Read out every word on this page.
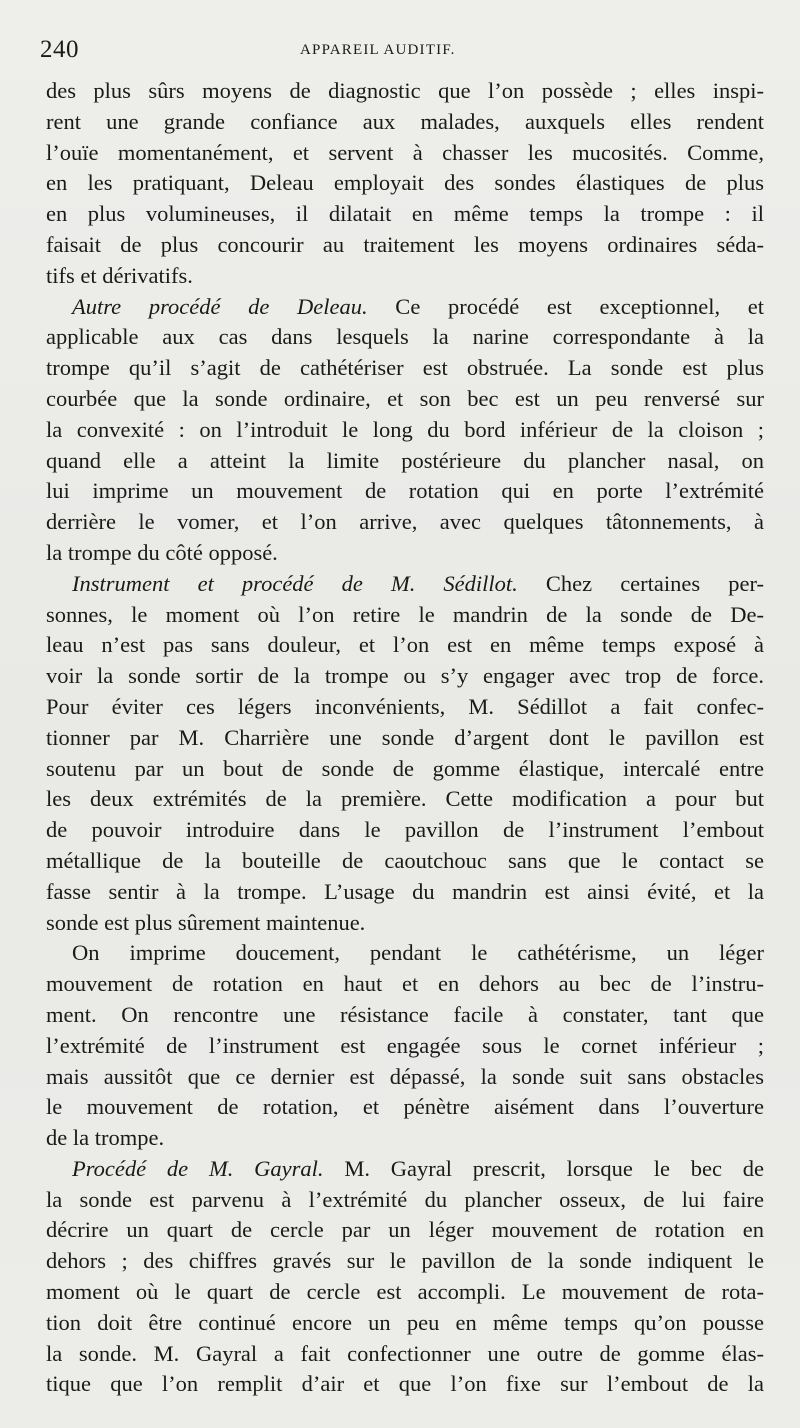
240	APPAREIL AUDITIF.
des plus sûrs moyens de diagnostic que l’on possède ; elles inspi-
rent une grande confiance aux malades, auxquels elles rendent
l’ouïe momentanément, et servent à chasser les mucosités. Comme,
en les pratiquant, Deleau employait des sondes élastiques de plus
en plus volumineuses, il dilatait en même temps la trompe : il
faisait de plus concourir au traitement les moyens ordinaires séda-
tifs et dérivatifs.
Autre procédé de Deleau. Ce procédé est exceptionnel, et
applicable aux cas dans lesquels la narine correspondante à la
trompe qu’il s’agit de cathétériser est obstruée. La sonde est plus
courbée que la sonde ordinaire, et son bec est un peu renversé sur
la convexité : on l’introduit le long du bord inférieur de la cloison ;
quand elle a atteint la limite postérieure du plancher nasal, on
lui imprime un mouvement de rotation qui en porte l’extrémité
derrière le vomer, et l’on arrive, avec quelques tâtonnements, à
la trompe du côté opposé.
Instrument et procédé de M. Sédillot. Chez certaines per-
sonnes, le moment où l’on retire le mandrin de la sonde de De-
leau n’est pas sans douleur, et l’on est en même temps exposé à
voir la sonde sortir de la trompe ou s’y engager avec trop de force.
Pour éviter ces légers inconvénients, M. Sédillot a fait confec-
tionner par M. Charrière une sonde d’argent dont le pavillon est
soutenu par un bout de sonde de gomme élastique, intercalé entre
les deux extrémités de la première. Cette modification a pour but
de pouvoir introduire dans le pavillon de l’instrument l’embout
métallique de la bouteille de caoutchouc sans que le contact se
fasse sentir à la trompe. L’usage du mandrin est ainsi évité, et la
sonde est plus sûrement maintenue.
On imprime doucement, pendant le cathétérisme, un léger
mouvement de rotation en haut et en dehors au bec de l’instru-
ment. On rencontre une résistance facile à constater, tant que
l’extrémité de l’instrument est engagée sous le cornet inférieur ;
mais aussitôt que ce dernier est dépassé, la sonde suit sans obstacles
le mouvement de rotation, et pénètre aisément dans l’ouverture
de la trompe.
Procédé de M. Gayral. M. Gayral prescrit, lorsque le bec de
la sonde est parvenu à l’extrémité du plancher osseux, de lui faire
décrire un quart de cercle par un léger mouvement de rotation en
dehors ; des chiffres gravés sur le pavillon de la sonde indiquent le
moment où le quart de cercle est accompli. Le mouvement de rota-
tion doit être continué encore un peu en même temps qu’on pousse
la sonde. M. Gayral a fait confectionner une outre de gomme élas-
tique que l’on remplit d’air et que l’on fixe sur l’embout de la
